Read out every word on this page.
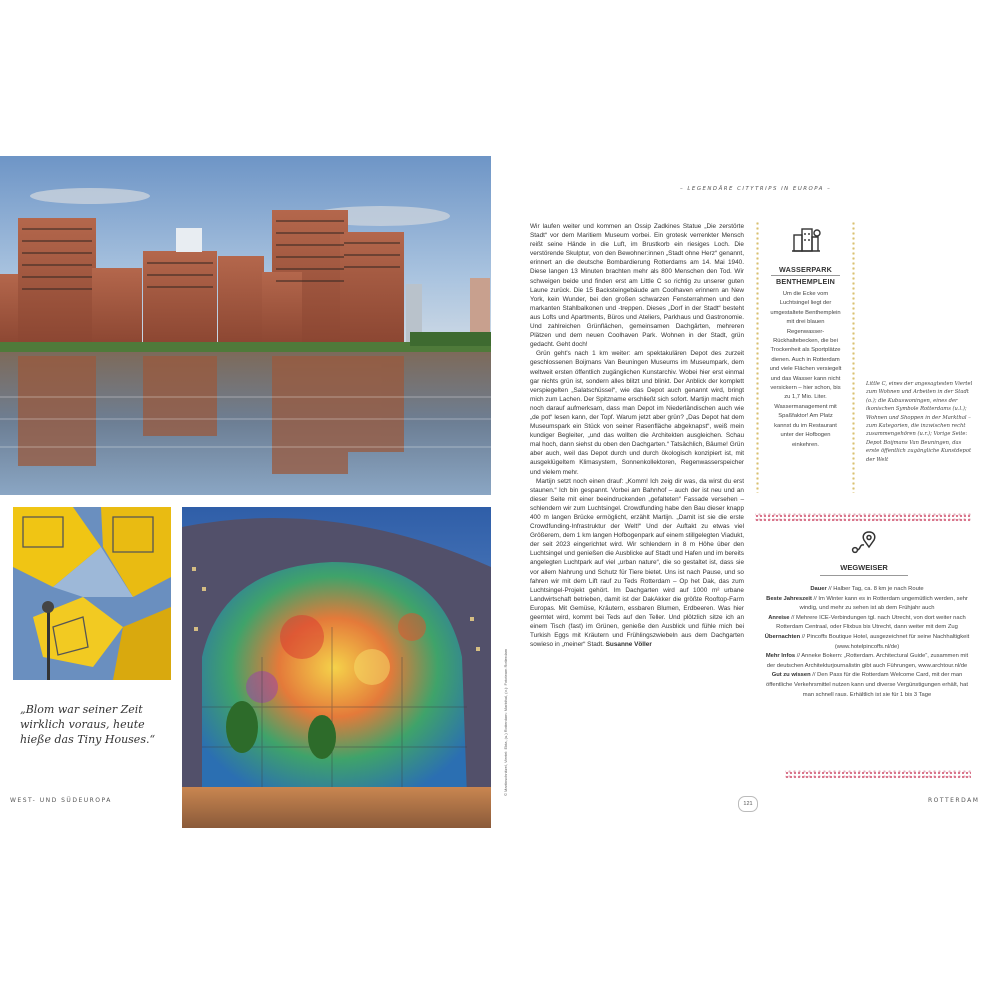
„Blom war seiner Zeit wirklich voraus, heute hieße das Tiny Houses.“	© Martinschnitzel, Viertel: Ekta, (u.) Rotterdam: Markthal, (o.): Fototeam Rotterdam
WEST- UND SÜDEUROPA
– LEGENDÄRE CITYTRIPS IN EUROPA –

Wir laufen weiter und kommen an Ossip Zadkines Statue „Die zerstörte Stadt“ vor dem Maritiem Museum vorbei. Ein grotesk verrenkter Mensch reißt seine Hände in die Luft, im Brustkorb ein riesiges Loch. Die verstörende Skulptur, von den Bewohner:innen „Stadt ohne Herz“ genannt, erinnert an die deutsche Bombardierung Rotterdams am 14. Mai 1940. Diese langen 13 Minuten brachten mehr als 800 Menschen den Tod. Wir schweigen beide und finden erst am Little C so richtig zu unserer guten Laune zurück. Die 15 Backsteingebäude am Coolhaven erinnern an New York, kein Wunder, bei den großen schwarzen Fensterrahmen und den markanten Stahlbalkonen und -treppen. Dieses „Dorf in der Stadt“ besteht aus Lofts und Apartments, Büros und Ateliers, Parkhaus und Gastronomie. Und zahlreichen Grünflächen, gemeinsamen Dachgärten, mehreren Plätzen und dem neuen Coolhaven Park. Wohnen in der Stadt, grün gedacht. Geht doch!

Grün geht's nach 1 km weiter: am spektakulären Depot des zurzeit geschlossenen Boijmans Van Beuningen Museums im Museumpark, dem weltweit ersten öffentlich zugänglichen Kunstarchiv. Wobei hier erst einmal gar nichts grün ist, sondern alles blitzt und blinkt. Der Anblick der komplett verspiegelten „Salatschüssel“, wie das Depot auch genannt wird, bringt mich zum Lachen. Der Spitzname erschließt sich sofort. Martijn macht mich noch darauf aufmerksam, dass man Depot im Niederländischen auch wie „de pot“ lesen kann, der Topf. Warum jetzt aber grün? „Das Depot hat dem Museumspark ein Stück von seiner Rasenfläche abgeknapst“, weiß mein kundiger Begleiter, „und das wollten die Architekten ausgleichen. Schau mal hoch, dann siehst du oben den Dachgarten.“ Tatsächlich, Bäume! Grün aber auch, weil das Depot durch und durch ökologisch konzipiert ist, mit ausgeklügeltem Klimasystem, Sonnenkollektoren, Regenwasserspeicher und vielem mehr.

Martijn setzt noch einen drauf: „Komm! Ich zeig dir was, da wirst du erst staunen.“ Ich bin gespannt. Vorbei am Bahnhof – auch der ist neu und an dieser Seite mit einer beeindruckenden „gefalteten“ Fassade versehen – schlendern wir zum Luchtsingel. Crowdfunding habe den Bau dieser knapp 400 m langen Brücke ermöglicht, erzählt Martijn. „Damit ist sie die erste Crowdfunding-Infrastruktur der Welt!“ Und der Auftakt zu etwas viel Größerem, dem 1 km langen Hofbogenpark auf einem stillgelegten Viadukt, der seit 2023 eingerichtet wird. Wir schlendern in 8 m Höhe über den Luchtsingel und genießen die Ausblicke auf Stadt und Hafen und im bereits angelegten Luchtpark auf viel „urban nature“, die so gestaltet ist, dass sie vor allem Nahrung und Schutz für Tiere bietet. Uns ist nach Pause, und so fahren wir mit dem Lift rauf zu Teds Rotterdam – Op het Dak, das zum Luchtsingel-Projekt gehört. Im Dachgarten wird auf 1000 m² urbane Landwirtschaft betrieben, damit ist der DakAkker die größte Rooftop-Farm Europas. Mit Gemüse, Kräutern, essbaren Blumen, Erdbeeren. Was hier geerntet wird, kommt bei Teds auf den Teller. Und plötzlich sitze ich an einem Tisch (fast) im Grünen, genieße den Ausblick und fühle mich bei Turkish Eggs mit Kräutern und Frühlingszwiebeln aus dem Dachgarten sowieso in „meiner“ Stadt. Susanne Völler

WASSERPARK
BENTHEMPLEIN
Um die Ecke vom Luchtsingel liegt der umgestaltete Benthemplein mit drei blauen Regenwasser-Rückhaltebecken, die bei Trockenheit als Sportplätze dienen. Auch in Rotterdam und viele Flächen versiegelt und das Wasser kann nicht versickern – hier schon, bis zu 1,7 Mio. Liter. Wassermanagement mit Spaßfaktor! Am Platz kannst du im Restaurant unter der Hofbogen einkehren.
Little C, eines der angesagtesten Viertel zum Wohnen und Arbeiten in der Stadt (o.); die Kubuswoningen, eines der ikonischen Symbole Rotterdams (u.l.); Wohnen und Shoppen in der Markthal – zum Kategorien, die inzwischen recht zusammengehören (u.r.); Vorige Seite: Depot Boijmans Van Beuningen, das erste öffentlich zugängliche Kunstdepot der Welt
WEGWEISER
Dauer // Halber Tag, ca. 8 km je nach Route
Beste Jahreszeit // Im Winter kann es in Rotterdam ungemütlich werden, sehr windig, und mehr zu sehen ist ab dem Frühjahr auch
Anreise // Mehrere ICE-Verbindungen tgl. nach Utrecht, von dort weiter nach Rotterdam Centraal, oder Flixbus bis Utrecht, dann weiter mit dem Zug
Übernachten // Pincoffs Boutique Hotel, ausgezeichnet für seine Nachhaltigkeit (www.hotelpincoffs.nl/de)
Mehr Infos // Anneke Bokern: „Rotterdam. Architectural Guide“, zusammen mit der deutschen Architekturjournalistin gibt auch Führungen, www.archtour.nl/de
Gut zu wissen // Den Pass für die Rotterdam Welcome Card, mit der man öffentliche Verkehrsmittel nutzen kann und diverse Vergünstigungen erhält, hat man schnell raus. Erhältlich ist sie für 1 bis 3 Tage
121	ROTTERDAM
